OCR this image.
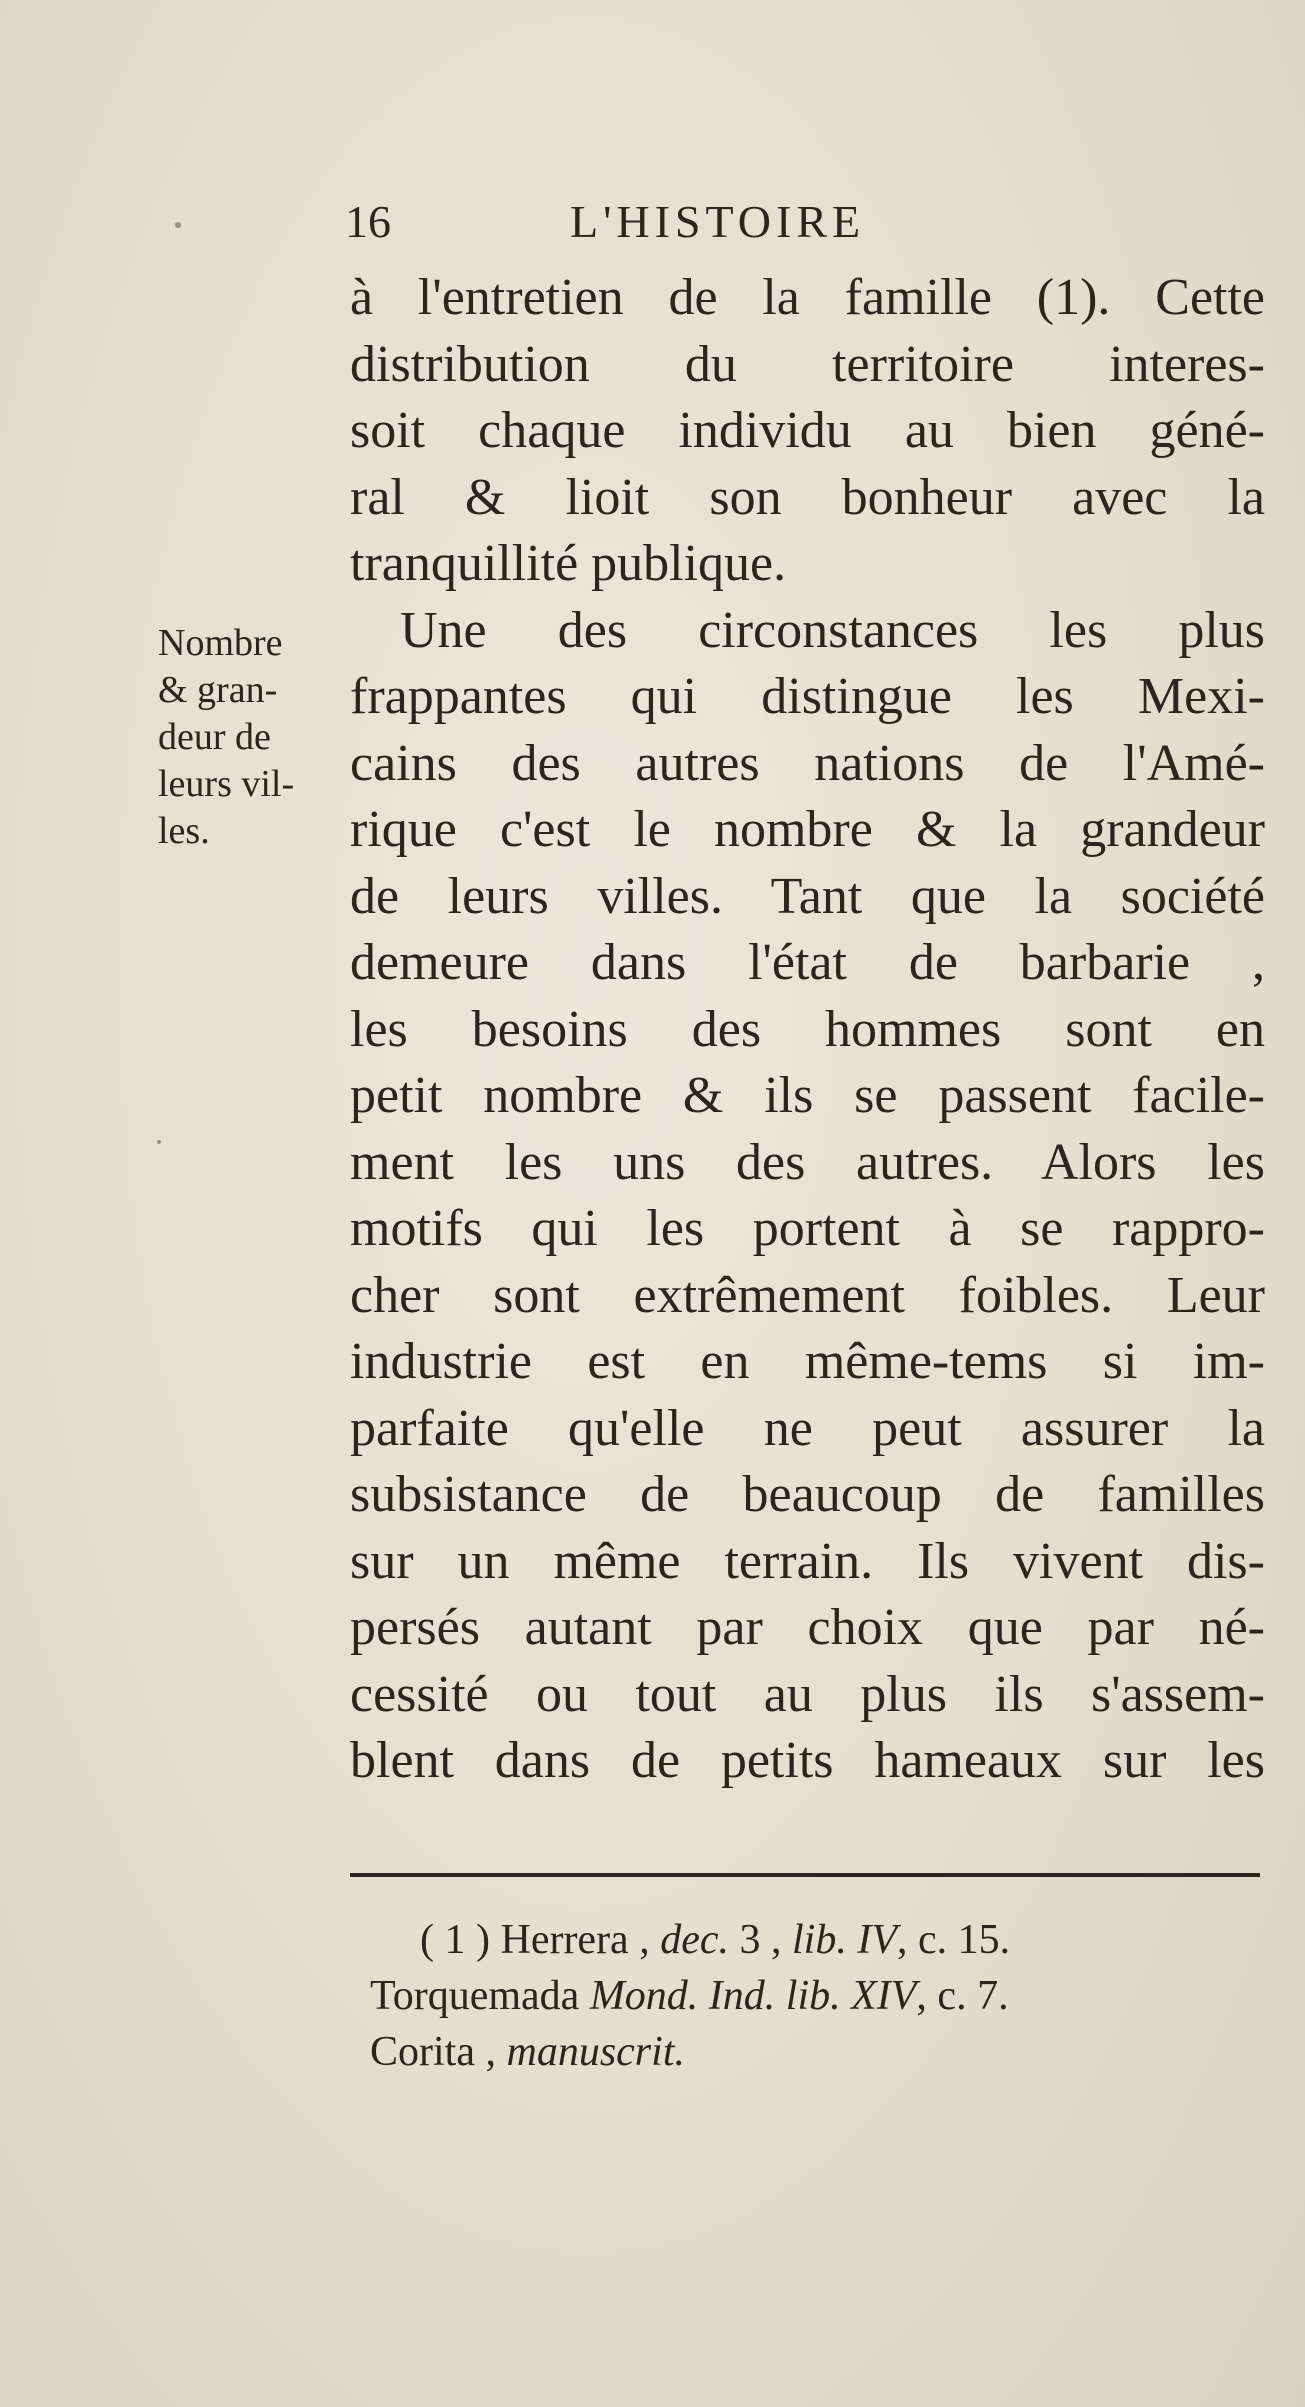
16	L'HISTOIRE
Nombre
& gran-
deur de
leurs vil-
les.
à l'entretien de la famille (1). Cette
distribution du territoire interes-
soit chaque individu au bien géné-
ral & lioit son bonheur avec la
tranquillité publique.
Une des circonstances les plus
frappantes qui distingue les Mexi-
cains des autres nations de l'Amé-
rique c'est le nombre & la grandeur
de leurs villes. Tant que la société
demeure dans l'état de barbarie ,
les besoins des hommes sont en
petit nombre & ils se passent facile-
ment les uns des autres. Alors les
motifs qui les portent à se rappro-
cher sont extrêmement foibles. Leur
industrie est en même-tems si im-
parfaite qu'elle ne peut assurer la
subsistance de beaucoup de familles
sur un même terrain. Ils vivent dis-
persés autant par choix que par né-
cessité ou tout au plus ils s'assem-
blent dans de petits hameaux sur les
( 1 ) Herrera , dec. 3 , lib. IV, c. 15.
Torquemada Mond. Ind. lib. XIV, c. 7.
Corita , manuscrit.
